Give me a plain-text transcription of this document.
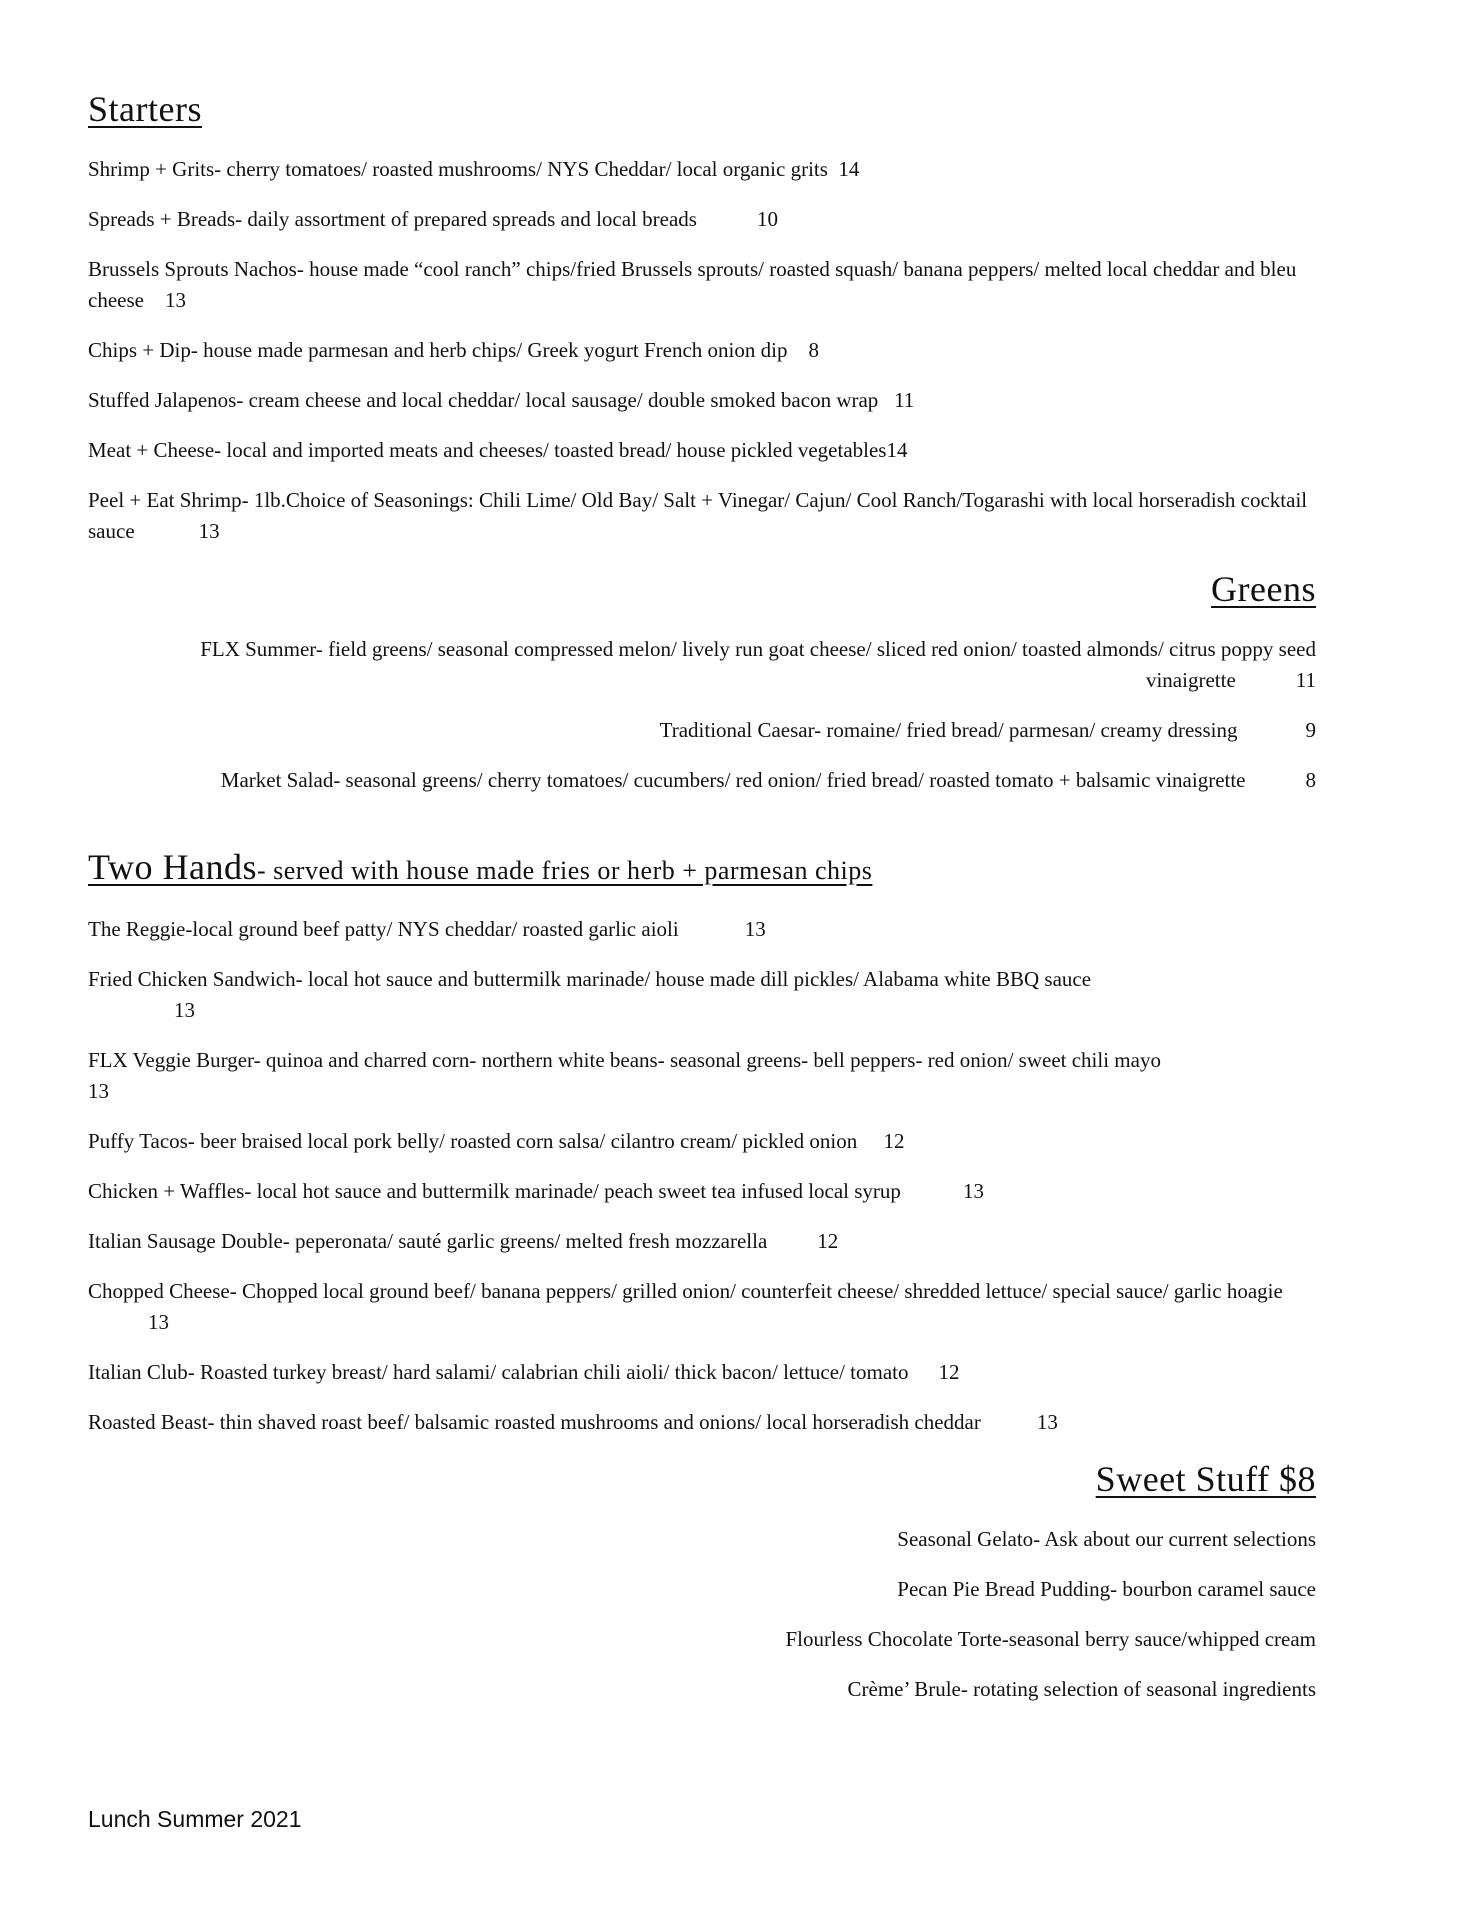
Starters

Shrimp + Grits- cherry tomatoes/ roasted mushrooms/ NYS Cheddar/ local organic grits 14

Spreads + Breads- daily assortment of prepared spreads and local breads	10

Brussels Sprouts Nachos- house made “cool ranch” chips/fried Brussels sprouts/ roasted squash/ banana peppers/ melted local cheddar and bleu cheese 13

Chips + Dip- house made parmesan and herb chips/ Greek yogurt French onion dip 8

Stuffed Jalapenos- cream cheese and local cheddar/ local sausage/ double smoked bacon wrap 11

Meat + Cheese- local and imported meats and cheeses/ toasted bread/ house pickled vegetables14

Peel + Eat Shrimp- 1lb.Choice of Seasonings: Chili Lime/ Old Bay/ Salt + Vinegar/ Cajun/ Cool Ranch/Togarashi with local horseradish cocktail sauce	13

Greens

FLX Summer- field greens/ seasonal compressed melon/ lively run goat cheese/ sliced red onion/ toasted almonds/ citrus poppy seed vinaigrette	11

Traditional Caesar- romaine/ fried bread/ parmesan/ creamy dressing	9

Market Salad- seasonal greens/ cherry tomatoes/ cucumbers/ red onion/ fried bread/ roasted tomato + balsamic vinaigrette	8

Two Hands- served with house made fries or herb + parmesan chips

The Reggie-local ground beef patty/ NYS cheddar/ roasted garlic aioli	13

Fried Chicken Sandwich- local hot sauce and buttermilk marinade/ house made dill pickles/ Alabama white BBQ sauce
13

FLX Veggie Burger- quinoa and charred corn- northern white beans- seasonal greens- bell peppers- red onion/ sweet chili mayo13

Puffy Tacos- beer braised local pork belly/ roasted corn salsa/ cilantro cream/ pickled onion 12

Chicken + Waffles- local hot sauce and buttermilk marinade/ peach sweet tea infused local syrup	13

Italian Sausage Double- peperonata/ sauté garlic greens/ melted fresh mozzarella 12

Chopped Cheese- Chopped local ground beef/ banana peppers/ grilled onion/ counterfeit cheese/ shredded lettuce/ special sauce/ garlic hoagie13

Italian Club- Roasted turkey breast/ hard salami/ calabrian chili aioli/ thick bacon/ lettuce/ tomato 12

Roasted Beast- thin shaved roast beef/ balsamic roasted mushrooms and onions/ local horseradish cheddar	13

Sweet Stuff $8

Seasonal Gelato- Ask about our current selections

Pecan Pie Bread Pudding- bourbon caramel sauce

Flourless Chocolate Torte-seasonal berry sauce/whipped cream

Crème’ Brule- rotating selection of seasonal ingredients

Lunch Summer 2021
